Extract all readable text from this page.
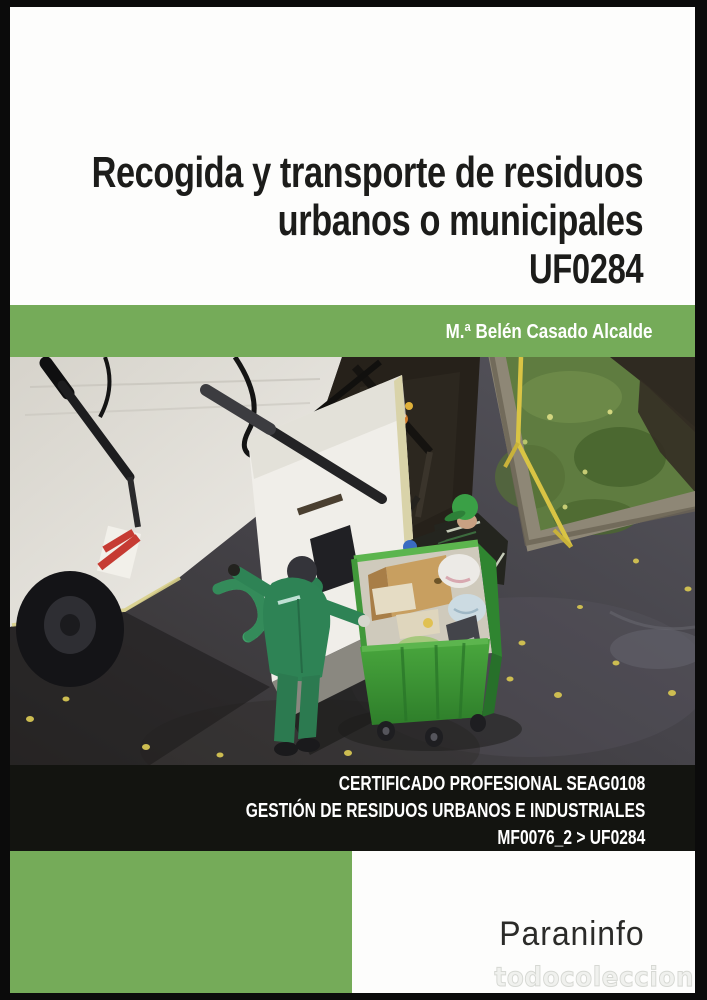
Recogida y transporte de residuos
urbanos o municipales
UF0284
M.ª Belén Casado Alcalde
CERTIFICADO PROFESIONAL SEAG0108
GESTIÓN DE RESIDUOS URBANOS E INDUSTRIALES
MF0076_2 > UF0284
Paraninfo
todocoleccion
